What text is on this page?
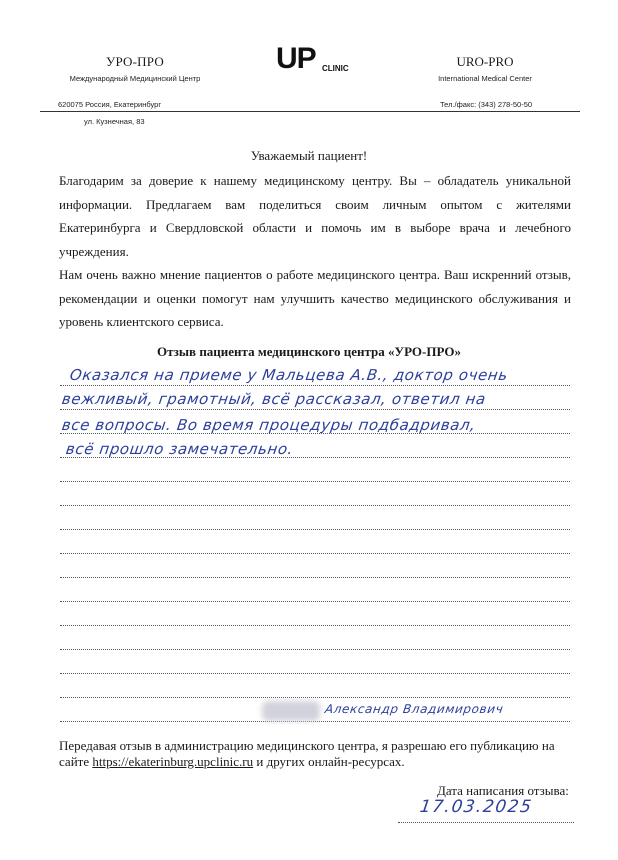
УРО-ПРО
Международный Медицинский Центр
UP CLINIC	URO-PRO
International Medical Center
620075 Россия, Екатеринбург	Тел./факс: (343) 278-50-50
ул. Кузнечная, 83
Уважаемый пациент!
Благодарим за доверие к нашему медицинскому центру. Вы – обладатель уникальной информации. Предлагаем вам поделиться своим личным опытом с жителями Екатеринбурга и Свердловской области и помочь им в выборе врача и лечебного учреждения.
Нам очень важно мнение пациентов о работе медицинского центра. Ваш искренний отзыв, рекомендации и оценки помогут нам улучшить качество медицинского обслуживания и уровень клиентского сервиса.
Отзыв пациента медицинского центра «УРО-ПРО»
Оказался на приеме у Мальцева А.В., доктор очень
вежливый, грамотный, всё рассказал, ответил на
все вопросы. Во время процедуры подбадривал,
всё прошло замечательно.
Александр Владимирович
Передавая отзыв в администрацию медицинского центра, я разрешаю его публикацию на сайте https://ekaterinburg.upclinic.ru и других онлайн-ресурсах.
Дата написания отзыва:
17.03.2025
